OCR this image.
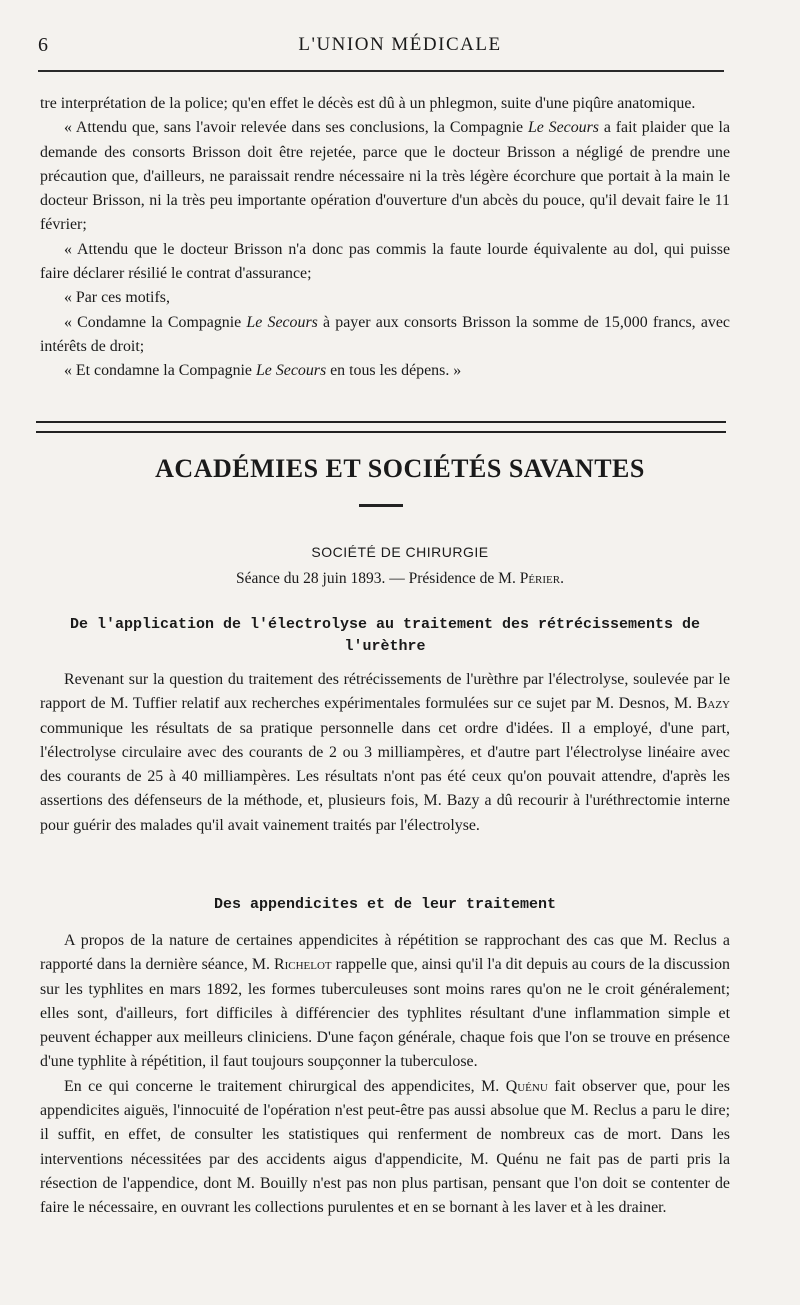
6	L'UNION MÉDICALE

tre interprétation de la police; qu'en effet le décès est dû à un phlegmon, suite d'une piqûre anatomique.

« Attendu que, sans l'avoir relevée dans ses conclusions, la Compagnie Le Secours a fait plaider que la demande des consorts Brisson doit être rejetée, parce que le docteur Brisson a négligé de prendre une précaution que, d'ailleurs, ne paraissait rendre nécessaire ni la très légère écorchure que portait à la main le docteur Brisson, ni la très peu importante opération d'ouverture d'un abcès du pouce, qu'il devait faire le 11 février;

« Attendu que le docteur Brisson n'a donc pas commis la faute lourde équivalente au dol, qui puisse faire déclarer résilié le contrat d'assurance;

« Par ces motifs,

« Condamne la Compagnie Le Secours à payer aux consorts Brisson la somme de 15,000 francs, avec intérêts de droit;

« Et condamne la Compagnie Le Secours en tous les dépens. »

ACADÉMIES ET SOCIÉTÉS SAVANTES
SOCIÉTÉ DE CHIRURGIE
Séance du 28 juin 1893. — Présidence de M. Périer.
De l'application de l'électrolyse au traitement des rétrécissements de l'urèthre

Revenant sur la question du traitement des rétrécissements de l'urèthre par l'électrolyse, soulevée par le rapport de M. Tuffier relatif aux recherches expérimentales formulées sur ce sujet par M. Desnos, M. Bazy communique les résultats de sa pratique personnelle dans cet ordre d'idées. Il a employé, d'une part, l'électrolyse circulaire avec des courants de 2 ou 3 milliampères, et d'autre part l'électrolyse linéaire avec des courants de 25 à 40 milliampères. Les résultats n'ont pas été ceux qu'on pouvait attendre, d'après les assertions des défenseurs de la méthode, et, plusieurs fois, M. Bazy a dû recourir à l'uréthrectomie interne pour guérir des malades qu'il avait vainement traités par l'électrolyse.

Des appendicites et de leur traitement

A propos de la nature de certaines appendicites à répétition se rapprochant des cas que M. Reclus a rapporté dans la dernière séance, M. Richelot rappelle que, ainsi qu'il l'a dit depuis au cours de la discussion sur les typhlites en mars 1892, les formes tuberculeuses sont moins rares qu'on ne le croit généralement; elles sont, d'ailleurs, fort difficiles à différencier des typhlites résultant d'une inflammation simple et peuvent échapper aux meilleurs cliniciens. D'une façon générale, chaque fois que l'on se trouve en présence d'une typhlite à répétition, il faut toujours soupçonner la tuberculose.

En ce qui concerne le traitement chirurgical des appendicites, M. Quénu fait observer que, pour les appendicites aiguës, l'innocuité de l'opération n'est peut-être pas aussi absolue que M. Reclus a paru le dire; il suffit, en effet, de consulter les statistiques qui renferment de nombreux cas de mort. Dans les interventions nécessitées par des accidents aigus d'appendicite, M. Quénu ne fait pas de parti pris la résection de l'appendice, dont M. Bouilly n'est pas non plus partisan, pensant que l'on doit se contenter de faire le nécessaire, en ouvrant les collections purulentes et en se bornant à les laver et à les drainer.
